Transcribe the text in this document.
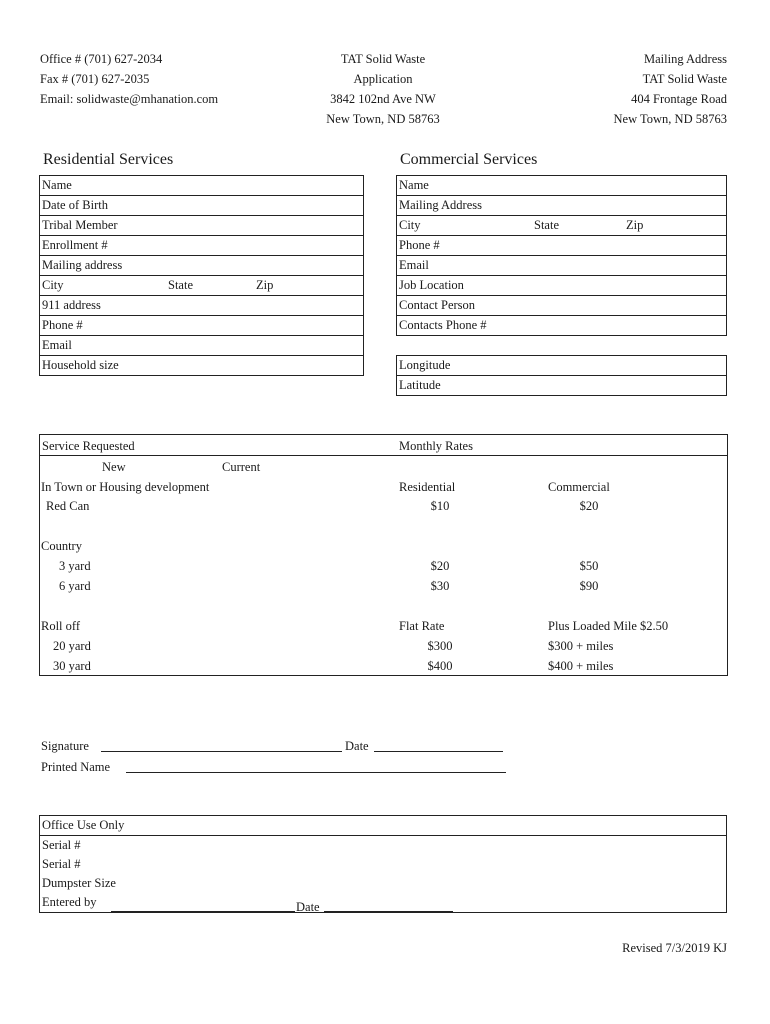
Office # (701) 627-2034
Fax # (701) 627-2035
Email: solidwaste@mhanation.com
TAT Solid Waste
Application
3842 102nd Ave NW
New Town, ND 58763
Mailing Address
TAT Solid Waste
404 Frontage Road
New Town, ND 58763
Residential Services
Name
Date of Birth
Tribal Member
Enrollment #
Mailing address
City	State	Zip

911 address
Phone #
Email
Household size
Commercial Services
Name
Mailing Address
City	State	Zip

Phone #
Email
Job Location
Contact Person
Contacts Phone #
Longitude
Latitude
Service Requested	Monthly Rates
New	Current
In Town or Housing development	Residential	Commercial
Red Can	$10	$20
Country
3 yard	$20	$50
6 yard	$30	$90
Roll off	Flat Rate	Plus Loaded Mile $2.50
20 yard	$300	$300 + miles
30 yard	$400	$400 + miles
Signature	Date
Printed Name
Office Use Only
Serial #
Serial #
Dumpster Size
Entered by	Date
Revised 7/3/2019 KJ
